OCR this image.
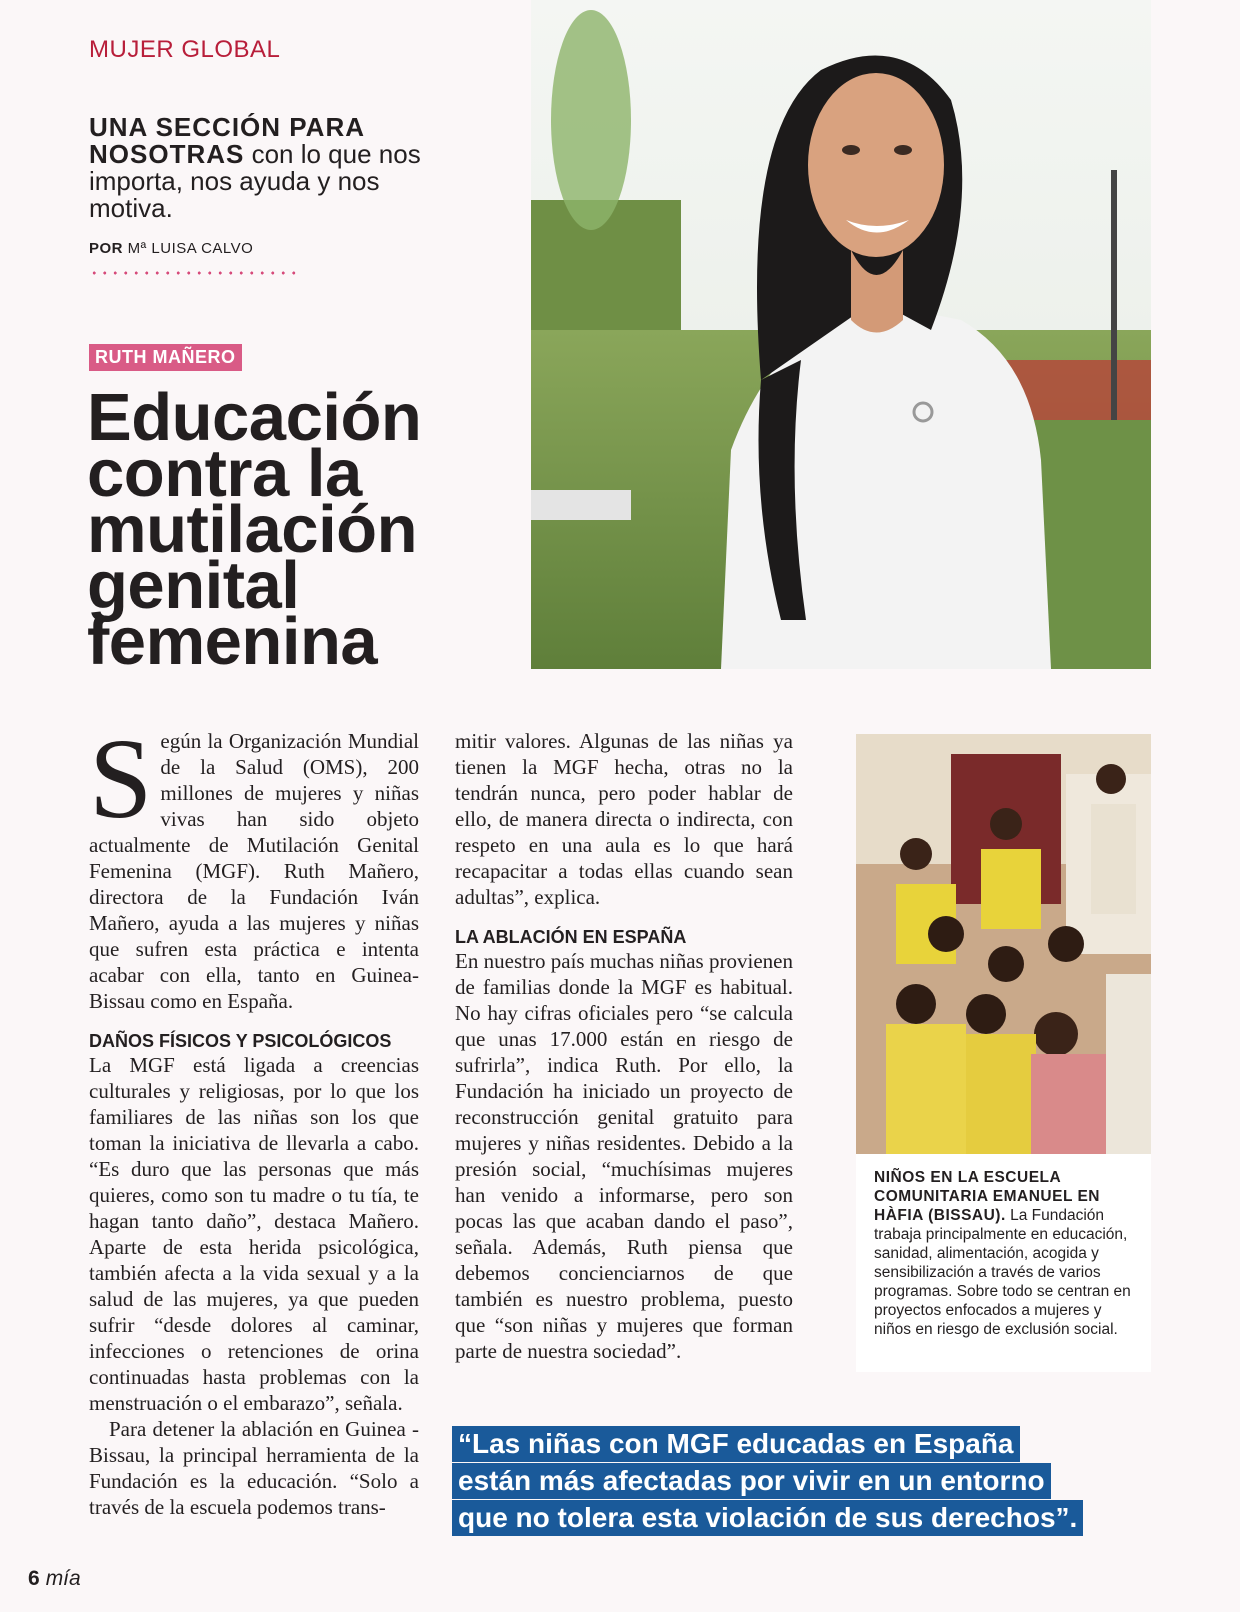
MUJER GLOBAL
UNA SECCIÓN PARA NOSOTRAS con lo que nos importa, nos ayuda y nos motiva.
POR Mª LUISA CALVO
RUTH MAÑERO
Educación contra la mutilación genital femenina

Según la Organización Mundial de la Salud (OMS), 200 millones de mujeres y niñas vivas han sido objeto actualmente de Mutilación Genital Femenina (MGF). Ruth Mañero, directora de la Fundación Iván Mañero, ayuda a las mujeres y niñas que sufren esta práctica e intenta acabar con ella, tanto en Guinea-Bissau como en España.

DAÑOS FÍSICOS Y PSICOLÓGICOS

La MGF está ligada a creencias culturales y religiosas, por lo que los familiares de las niñas son los que toman la iniciativa de llevarla a cabo. “Es duro que las personas que más quieres, como son tu madre o tu tía, te hagan tanto daño”, destaca Mañero. Aparte de esta herida psicológica, también afecta a la vida sexual y a la salud de las mujeres, ya que pueden sufrir “desde dolores al caminar, infecciones o retenciones de orina continuadas hasta problemas con la menstruación o el embarazo”, señala.

Para detener la ablación en Guinea -Bissau, la principal herramienta de la Fundación es la educación. “Solo a través de la escuela podemos trans-

mitir valores. Algunas de las niñas ya tienen la MGF hecha, otras no la tendrán nunca, pero poder hablar de ello, de manera directa o indirecta, con respeto en una aula es lo que hará recapacitar a todas ellas cuando sean adultas”, explica.

LA ABLACIÓN EN ESPAÑA

En nuestro país muchas niñas provienen de familias donde la MGF es habitual. No hay cifras oficiales pero “se calcula que unas 17.000 están en riesgo de sufrirla”, indica Ruth. Por ello, la Fundación ha iniciado un proyecto de reconstrucción genital gratuito para mujeres y niñas residentes. Debido a la presión social, “muchísimas mujeres han venido a informarse, pero son pocas las que acaban dando el paso”, señala. Además, Ruth piensa que debemos concienciarnos de que también es nuestro problema, puesto que “son niñas y mujeres que forman parte de nuestra sociedad”.

NIÑOS EN LA ESCUELA COMUNITARIA EMANUEL EN HÀFIA (BISSAU). La Fundación trabaja principalmente en educación, sanidad, alimentación, acogida y sensibilización a través de varios programas. Sobre todo se centran en proyectos enfocados a mujeres y niños en riesgo de exclusión social.
“Las niñas con MGF educadas en España
están más afectadas por vivir en un entorno
que no tolera esta violación de sus derechos”.
6 mía
